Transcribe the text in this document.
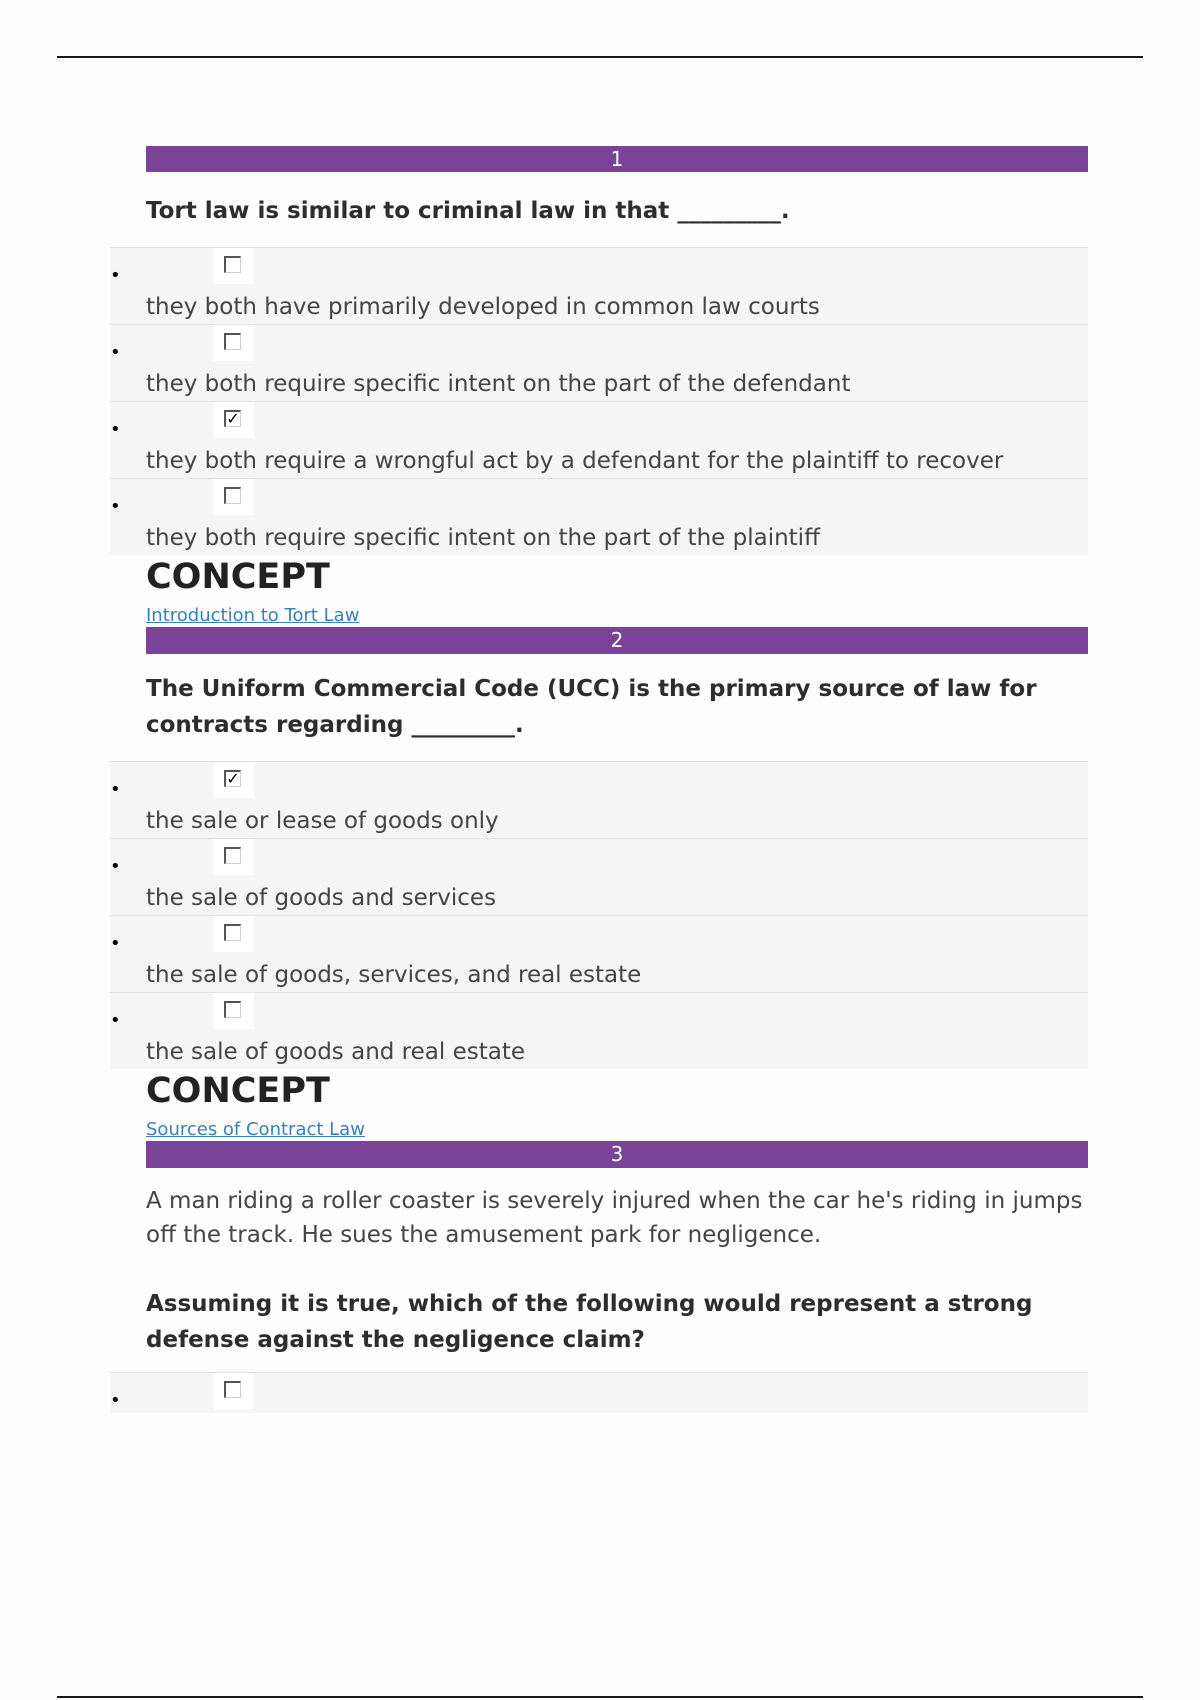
1
Tort law is similar to criminal law in that _________.
•
they both have primarily developed in common law courts
•
they both require specific intent on the part of the defendant
•
✓
they both require a wrongful act by a defendant for the plaintiff to recover
•
they both require specific intent on the part of the plaintiff
CONCEPT
Introduction to Tort Law
2
The Uniform Commercial Code (UCC) is the primary source of law for contracts regarding _________.
•
✓
the sale or lease of goods only
•
the sale of goods and services
•
the sale of goods, services, and real estate
•
the sale of goods and real estate
CONCEPT
Sources of Contract Law
3
A man riding a roller coaster is severely injured when the car he's riding in jumps off the track. He sues the amusement park for negligence.
Assuming it is true, which of the following would represent a strong defense against the negligence claim?
•
